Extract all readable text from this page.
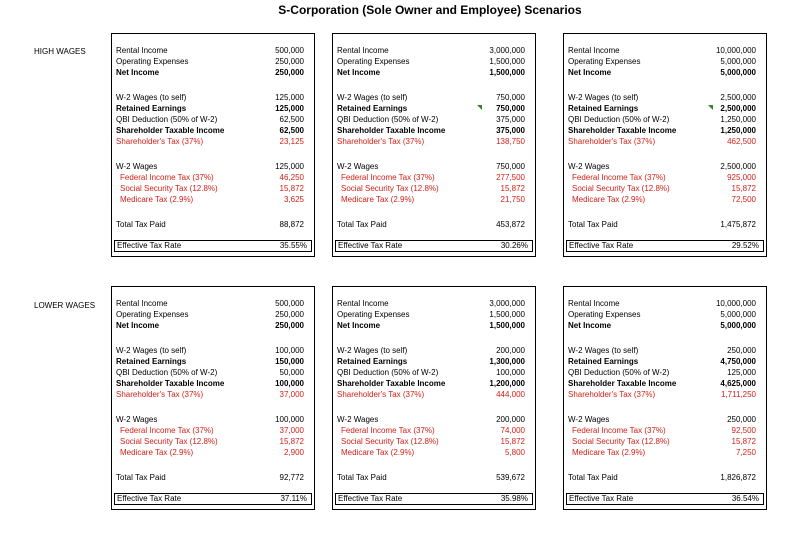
S-Corporation (Sole Owner and Employee) Scenarios
HIGH WAGES	Rental Income	500,000
Operating Expenses	250,000
Net Income	250,000
W-2 Wages (to self)	125,000
Retained Earnings	125,000
QBI Deduction (50% of W-2)	62,500
Shareholder Taxable Income	62,500
Shareholder's Tax (37%)	23,125
W-2 Wages	125,000
Federal Income Tax (37%)	46,250
Social Security Tax (12.8%)	15,872
Medicare Tax (2.9%)	3,625
Total Tax Paid	88,872
Effective Tax Rate	35.55%
Rental Income	3,000,000
Operating Expenses	1,500,000
Net Income	1,500,000
W-2 Wages (to self)	750,000
Retained Earnings	750,000
QBI Deduction (50% of W-2)	375,000
Shareholder Taxable Income	375,000
Shareholder's Tax (37%)	138,750
W-2 Wages	750,000
Federal Income Tax (37%)	277,500
Social Security Tax (12.8%)	15,872
Medicare Tax (2.9%)	21,750
Total Tax Paid	453,872
Effective Tax Rate	30.26%
Rental Income	10,000,000
Operating Expenses	5,000,000
Net Income	5,000,000
W-2 Wages (to self)	2,500,000
Retained Earnings	2,500,000
QBI Deduction (50% of W-2)	1,250,000
Shareholder Taxable Income	1,250,000
Shareholder's Tax (37%)	462,500
W-2 Wages	2,500,000
Federal Income Tax (37%)	925,000
Social Security Tax (12.8%)	15,872
Medicare Tax (2.9%)	72,500
Total Tax Paid	1,475,872
Effective Tax Rate	29.52%
LOWER WAGES	Rental Income	500,000
Operating Expenses	250,000
Net Income	250,000
W-2 Wages (to self)	100,000
Retained Earnings	150,000
QBI Deduction (50% of W-2)	50,000
Shareholder Taxable Income	100,000
Shareholder's Tax (37%)	37,000
W-2 Wages	100,000
Federal Income Tax (37%)	37,000
Social Security Tax (12.8%)	15,872
Medicare Tax (2.9%)	2,900
Total Tax Paid	92,772
Effective Tax Rate	37.11%
Rental Income	3,000,000
Operating Expenses	1,500,000
Net Income	1,500,000
W-2 Wages (to self)	200,000
Retained Earnings	1,300,000
QBI Deduction (50% of W-2)	100,000
Shareholder Taxable Income	1,200,000
Shareholder's Tax (37%)	444,000
W-2 Wages	200,000
Federal Income Tax (37%)	74,000
Social Security Tax (12.8%)	15,872
Medicare Tax (2.9%)	5,800
Total Tax Paid	539,672
Effective Tax Rate	35.98%
Rental Income	10,000,000
Operating Expenses	5,000,000
Net Income	5,000,000
W-2 Wages (to self)	250,000
Retained Earnings	4,750,000
QBI Deduction (50% of W-2)	125,000
Shareholder Taxable Income	4,625,000
Shareholder's Tax (37%)	1,711,250
W-2 Wages	250,000
Federal Income Tax (37%)	92,500
Social Security Tax (12.8%)	15,872
Medicare Tax (2.9%)	7,250
Total Tax Paid	1,826,872
Effective Tax Rate	36.54%
